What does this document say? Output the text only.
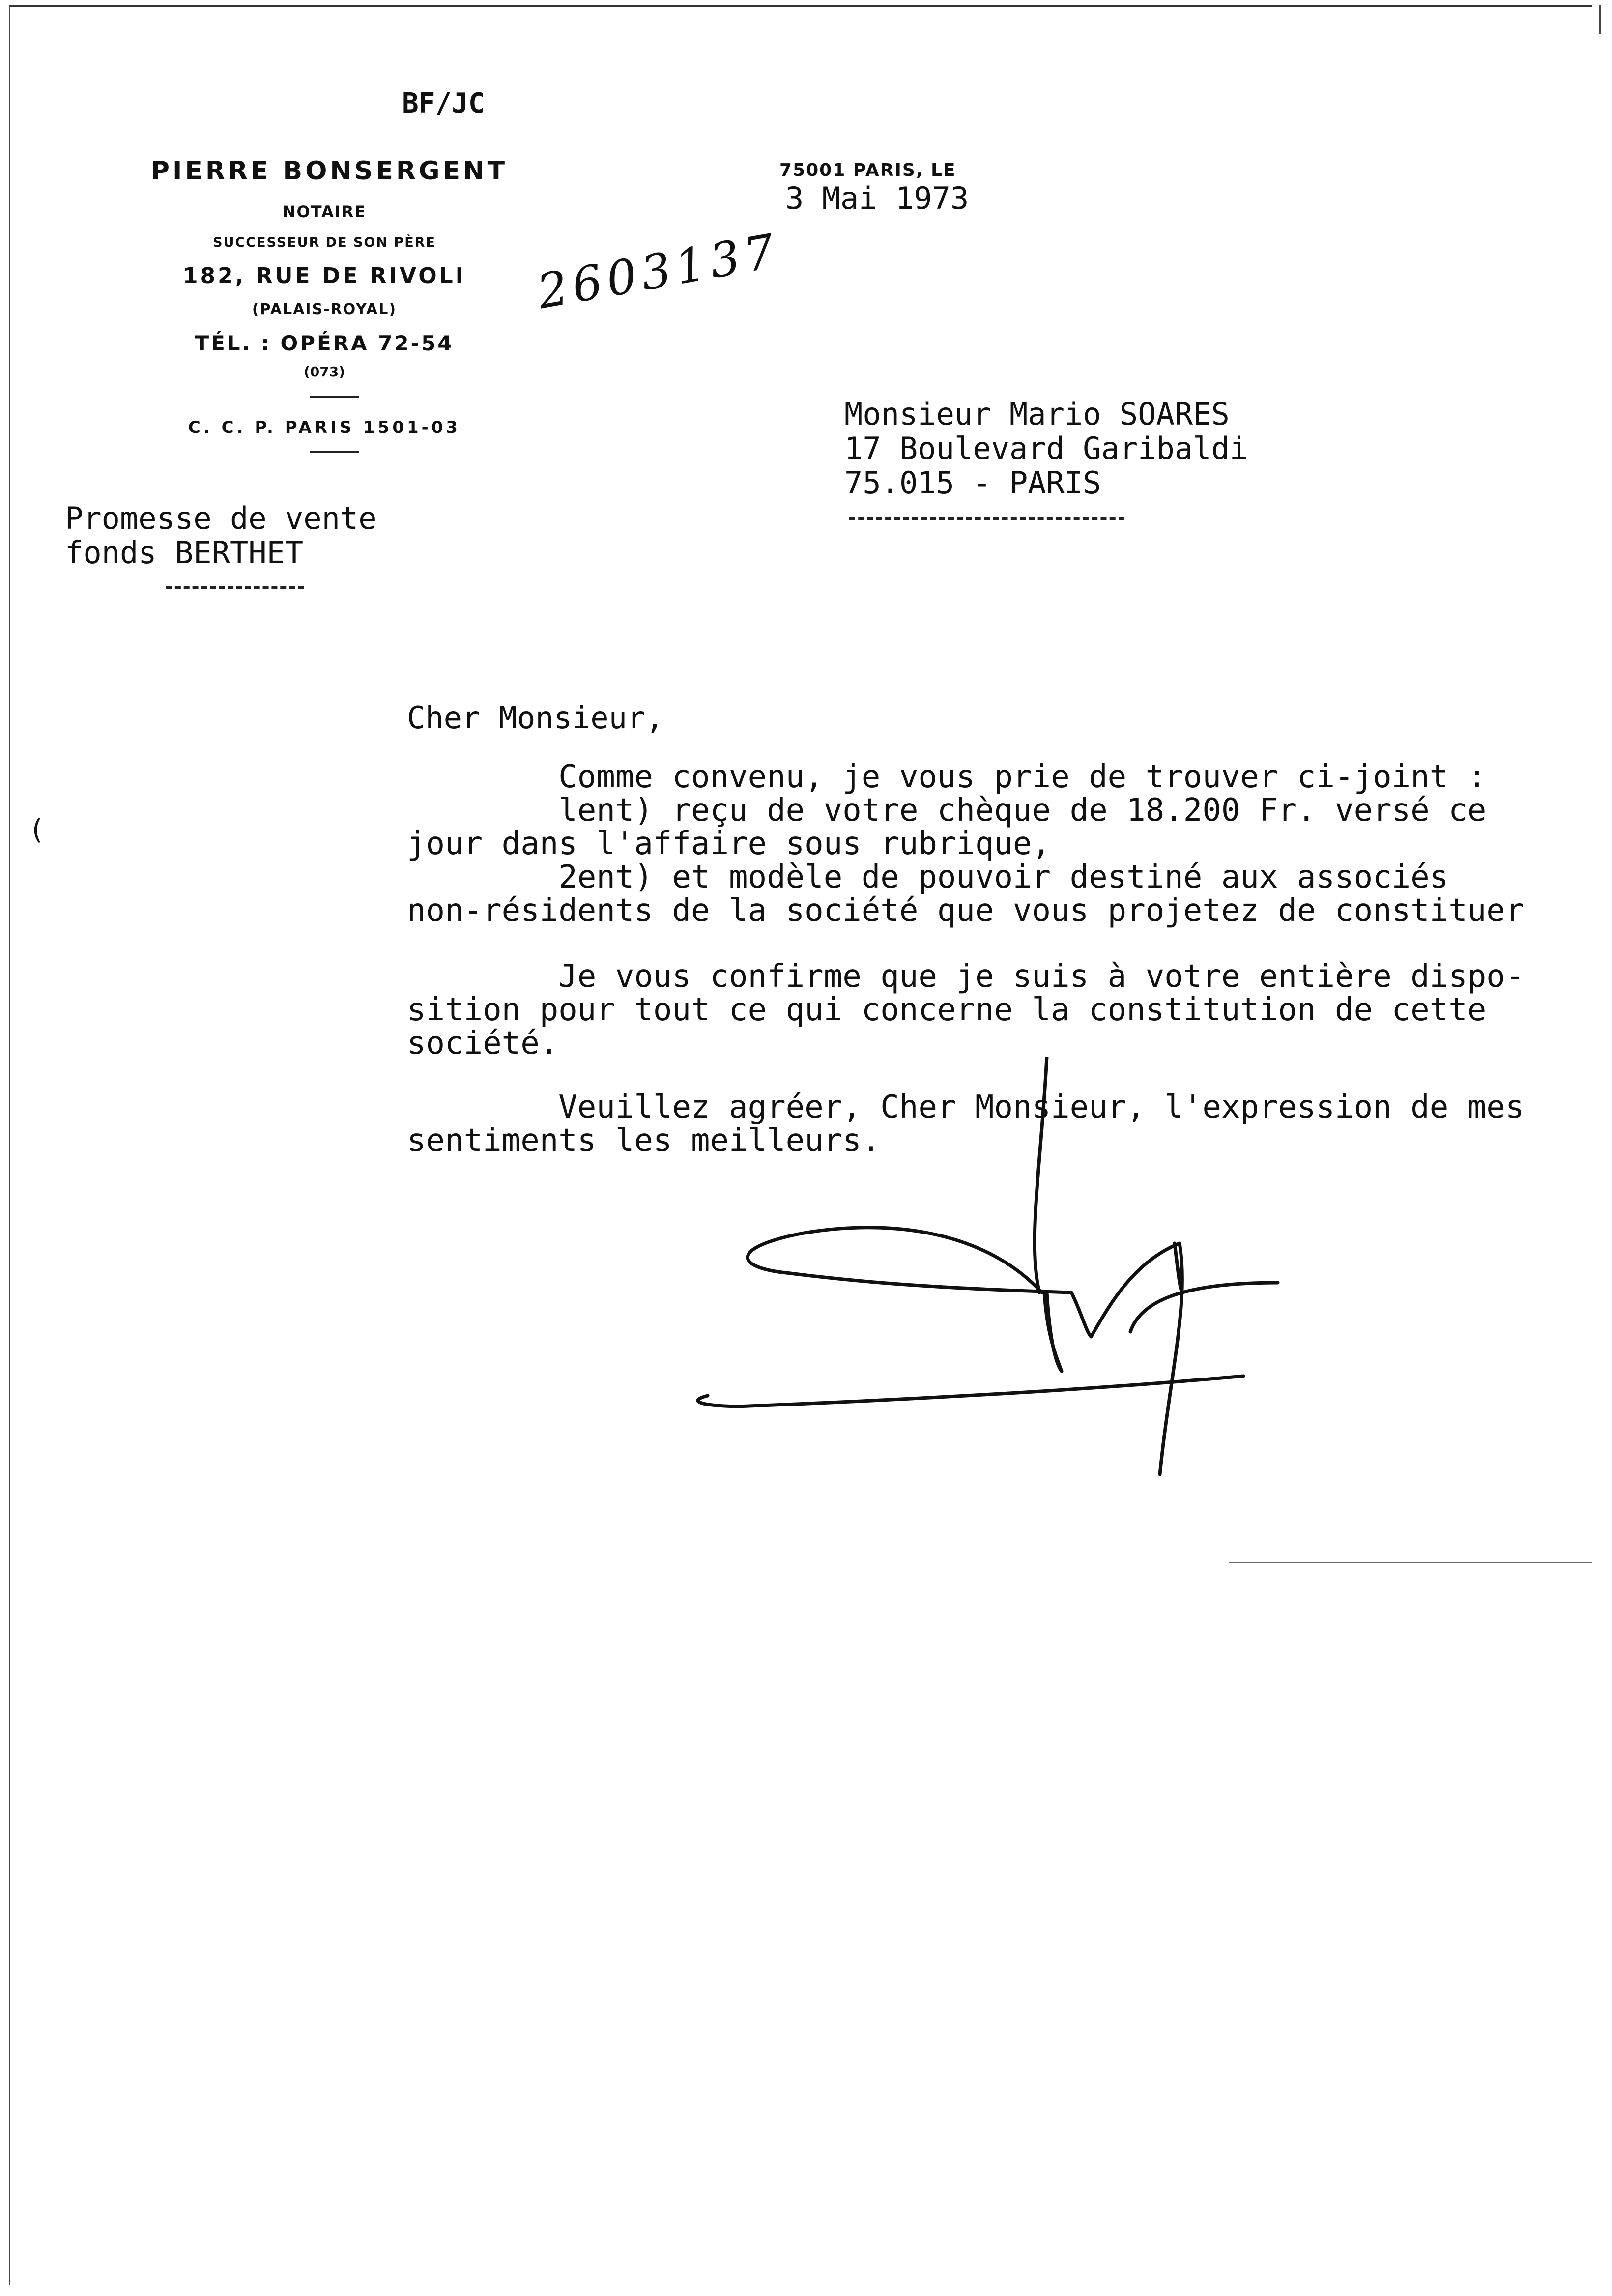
BF/JC
PIERRE BONSERGENT
NOTAIRE
SUCCESSEUR DE SON PÈRE
182, RUE DE RIVOLI
(PALAIS-ROYAL)
TÉL. : OPÉRA 72-54
(073)
C. C. P. PARIS 1501-03

75001 PARIS, LE
3 Mai 1973

2603137
Monsieur Mario SOARES
17 Boulevard Garibaldi
75.015 - PARIS
Promesse de vente
fonds BERTHET
(
Cher Monsieur,
Comme convenu, je vous prie de trouver ci-joint :
lent) reçu de votre chèque de 18.200 Fr. versé ce
jour dans l'affaire sous rubrique,
2ent) et modèle de pouvoir destiné aux associés
non-résidents de la société que vous projetez de constituer
Je vous confirme que je suis à votre entière dispo-
sition pour tout ce qui concerne la constitution de cette
société.
Veuillez agréer, Cher Monsieur, l'expression de mes
sentiments les meilleurs.
